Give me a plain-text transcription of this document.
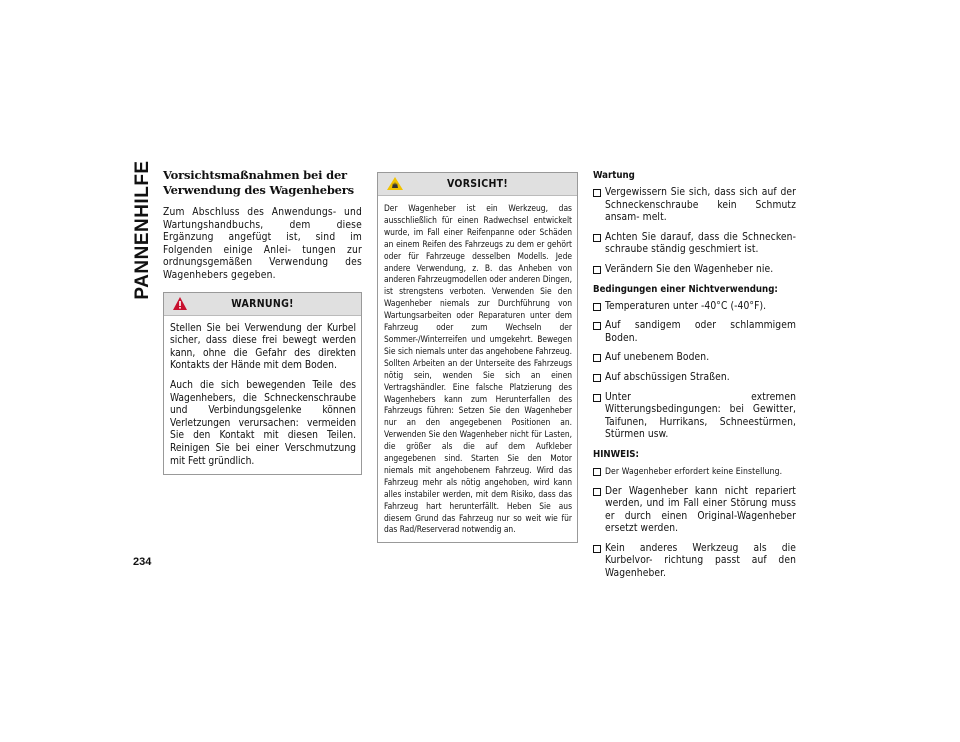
PANNENHILFE
234
Vorsichtsmaßnahmen bei der Verwendung des Wagenhebers

Zum Abschluss des Anwendungs- und Wartungshandbuchs, dem diese Ergänzung angefügt ist, sind im Folgenden einige Anlei- tungen zur ordnungsgemäßen Verwendung des Wagenhebers gegeben.

WARNUNG!

Stellen Sie bei Verwendung der Kurbel sicher, dass diese frei bewegt werden kann, ohne die Gefahr des direkten Kontakts der Hände mit dem Boden.

Auch die sich bewegenden Teile des Wagenhebers, die Schneckenschraube und Verbindungsgelenke können Verletzungen verursachen: vermeiden Sie den Kontakt mit diesen Teilen. Reinigen Sie bei einer Verschmutzung mit Fett gründlich.

VORSICHT!

Der Wagenheber ist ein Werkzeug, das ausschließlich für einen Radwechsel entwickelt wurde, im Fall einer Reifenpanne oder Schäden an einem Reifen des Fahrzeugs zu dem er gehört oder für Fahrzeuge desselben Modells. Jede andere Verwendung, z. B. das Anheben von anderen Fahrzeugmodellen oder anderen Dingen, ist strengstens verboten. Verwenden Sie den Wagenheber niemals zur Durchführung von Wartungsarbeiten oder Reparaturen unter dem Fahrzeug oder zum Wechseln der Sommer-/Winterreifen und umgekehrt. Bewegen Sie sich niemals unter das angehobene Fahrzeug. Sollten Arbeiten an der Unterseite des Fahrzeugs nötig sein, wenden Sie sich an einen Vertragshändler. Eine falsche Platzierung des Wagenhebers kann zum Herunterfallen des Fahrzeugs führen: Setzen Sie den Wagenheber nur an den angegebenen Positionen an. Verwenden Sie den Wagenheber nicht für Lasten, die größer als die auf dem Aufkleber angegebenen sind. Starten Sie den Motor niemals mit angehobenem Fahrzeug. Wird das Fahrzeug mehr als nötig angehoben, wird kann alles instabiler werden, mit dem Risiko, dass das Fahrzeug hart herunterfällt. Heben Sie aus diesem Grund das Fahrzeug nur so weit wie für das Rad/Reserverad notwendig an.

Wartung
Vergewissern Sie sich, dass sich auf der Schneckenschraube kein Schmutz ansam- melt.
Achten Sie darauf, dass die Schnecken- schraube ständig geschmiert ist.
Verändern Sie den Wagenheber nie.
Bedingungen einer Nichtverwendung:
Temperaturen unter -40°C (-40°F).
Auf sandigem oder schlammigem Boden.
Auf unebenem Boden.
Auf abschüssigen Straßen.
Unter extremen Witterungsbedingungen: bei Gewitter, Taifunen, Hurrikans, Schneestürmen, Stürmen usw.
HINWEIS:
Der Wagenheber erfordert keine Einstellung.
Der Wagenheber kann nicht repariert werden, und im Fall einer Störung muss er durch einen Original-Wagenheber ersetzt werden.
Kein anderes Werkzeug als die Kurbelvor- richtung passt auf den Wagenheber.
